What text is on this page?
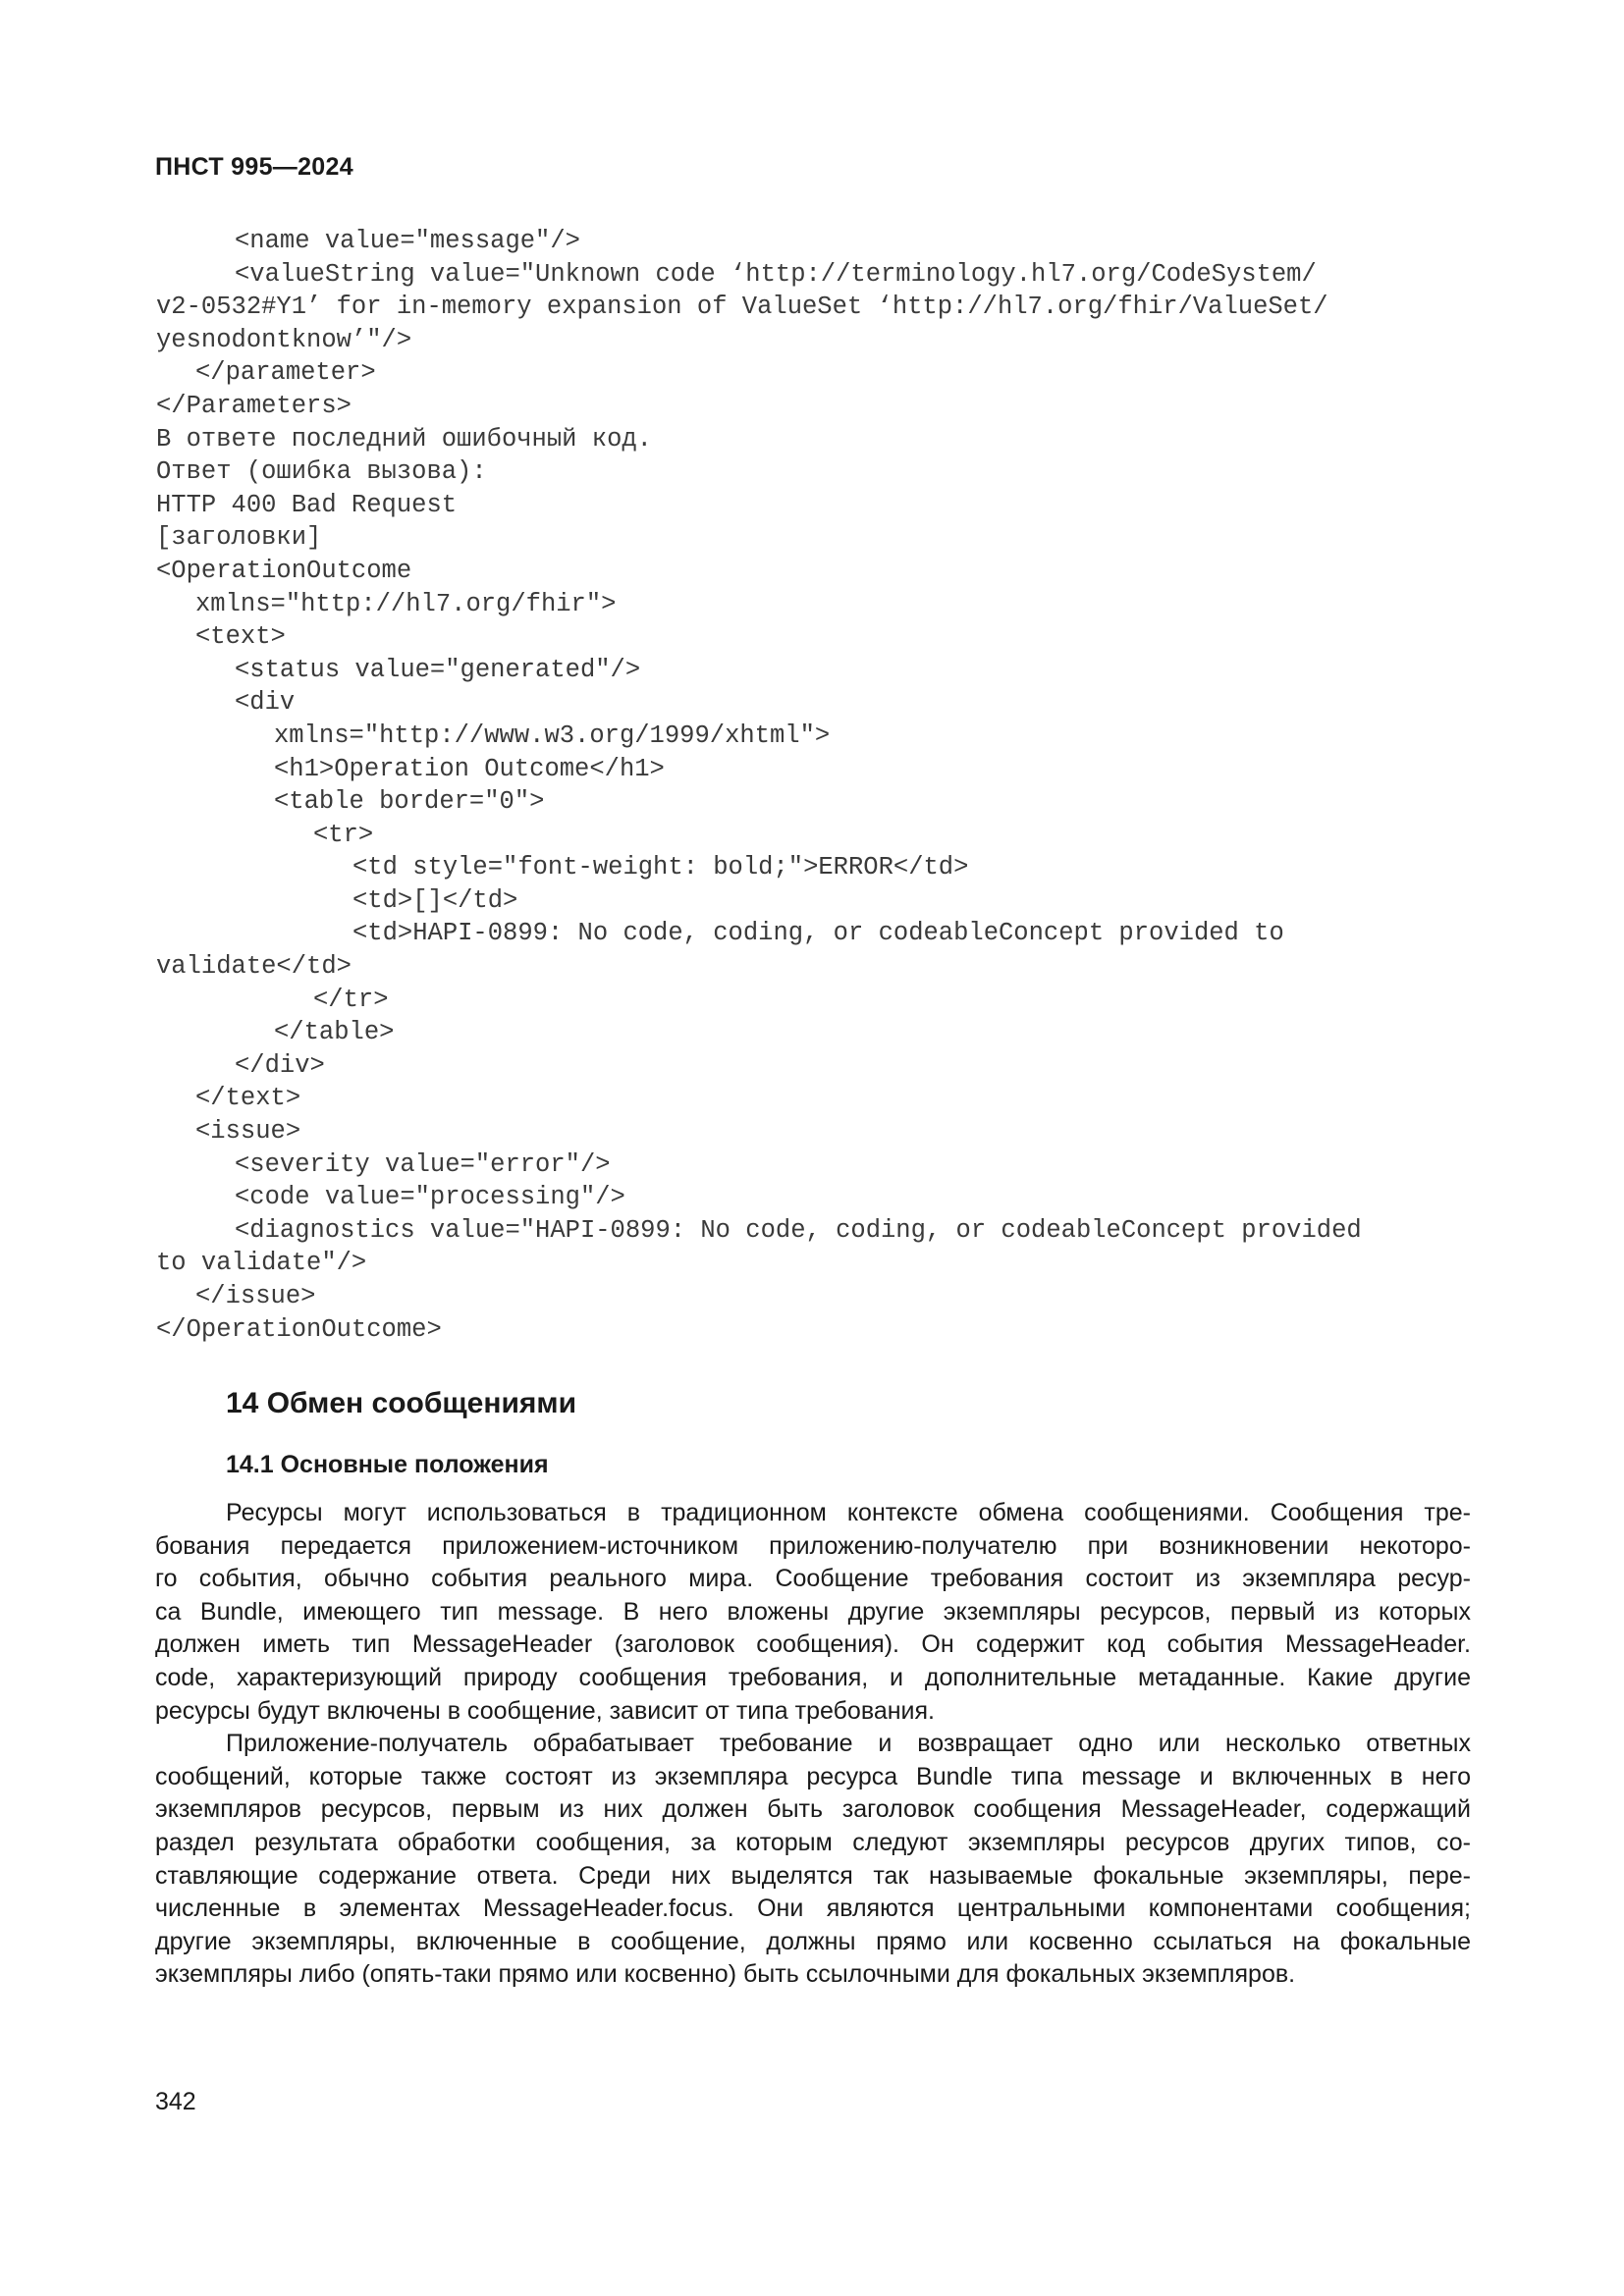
ПНСТ 995—2024
<name value="message"/>
<valueString value="Unknown code ‘http://terminology.hl7.org/CodeSystem/
v2-0532#Y1’ for in-memory expansion of ValueSet ‘http://hl7.org/fhir/ValueSet/
yesnodontknow’"/>
</parameter>
</Parameters>
В ответе последний ошибочный код.
Ответ (ошибка вызова):
HTTP 400 Bad Request
[заголовки]
<OperationOutcome
xmlns="http://hl7.org/fhir">
<text>
<status value="generated"/>
<div
xmlns="http://www.w3.org/1999/xhtml">
<h1>Operation Outcome</h1>
<table border="0">
<tr>
<td style="font-weight: bold;">ERROR</td>
<td>[]</td>
<td>HAPI-0899: No code, coding, or codeableConcept provided to
validate</td>
</tr>
</table>
</div>
</text>
<issue>
<severity value="error"/>
<code value="processing"/>
<diagnostics value="HAPI-0899: No code, coding, or codeableConcept provided
to validate"/>
</issue>
</OperationOutcome>
14 Обмен сообщениями
14.1 Основные положения
Ресурсы могут использоваться в традиционном контексте обмена сообщениями. Сообщения тре-
бования передается приложением-источником приложению-получателю при возникновении некоторо-
го события, обычно события реального мира. Сообщение требования состоит из экземпляра ресур-
са Bundle, имеющего тип message. В него вложены другие экземпляры ресурсов, первый из которых
должен иметь тип MessageHeader (заголовок сообщения). Он содержит код события MessageHeader.
code, характеризующий природу сообщения требования, и дополнительные метаданные. Какие другие
ресурсы будут включены в сообщение, зависит от типа требования.
Приложение-получатель обрабатывает требование и возвращает одно или несколько ответных
сообщений, которые также состоят из экземпляра ресурса Bundle типа message и включенных в него
экземпляров ресурсов, первым из них должен быть заголовок сообщения MessageHeader, содержащий
раздел результата обработки сообщения, за которым следуют экземпляры ресурсов других типов, со-
ставляющие содержание ответа. Среди них выделятся так называемые фокальные экземпляры, пере-
численные в элементах MessageHeader.focus. Они являются центральными компонентами сообщения;
другие экземпляры, включенные в сообщение, должны прямо или косвенно ссылаться на фокальные
экземпляры либо (опять-таки прямо или косвенно) быть ссылочными для фокальных экземпляров.
342
